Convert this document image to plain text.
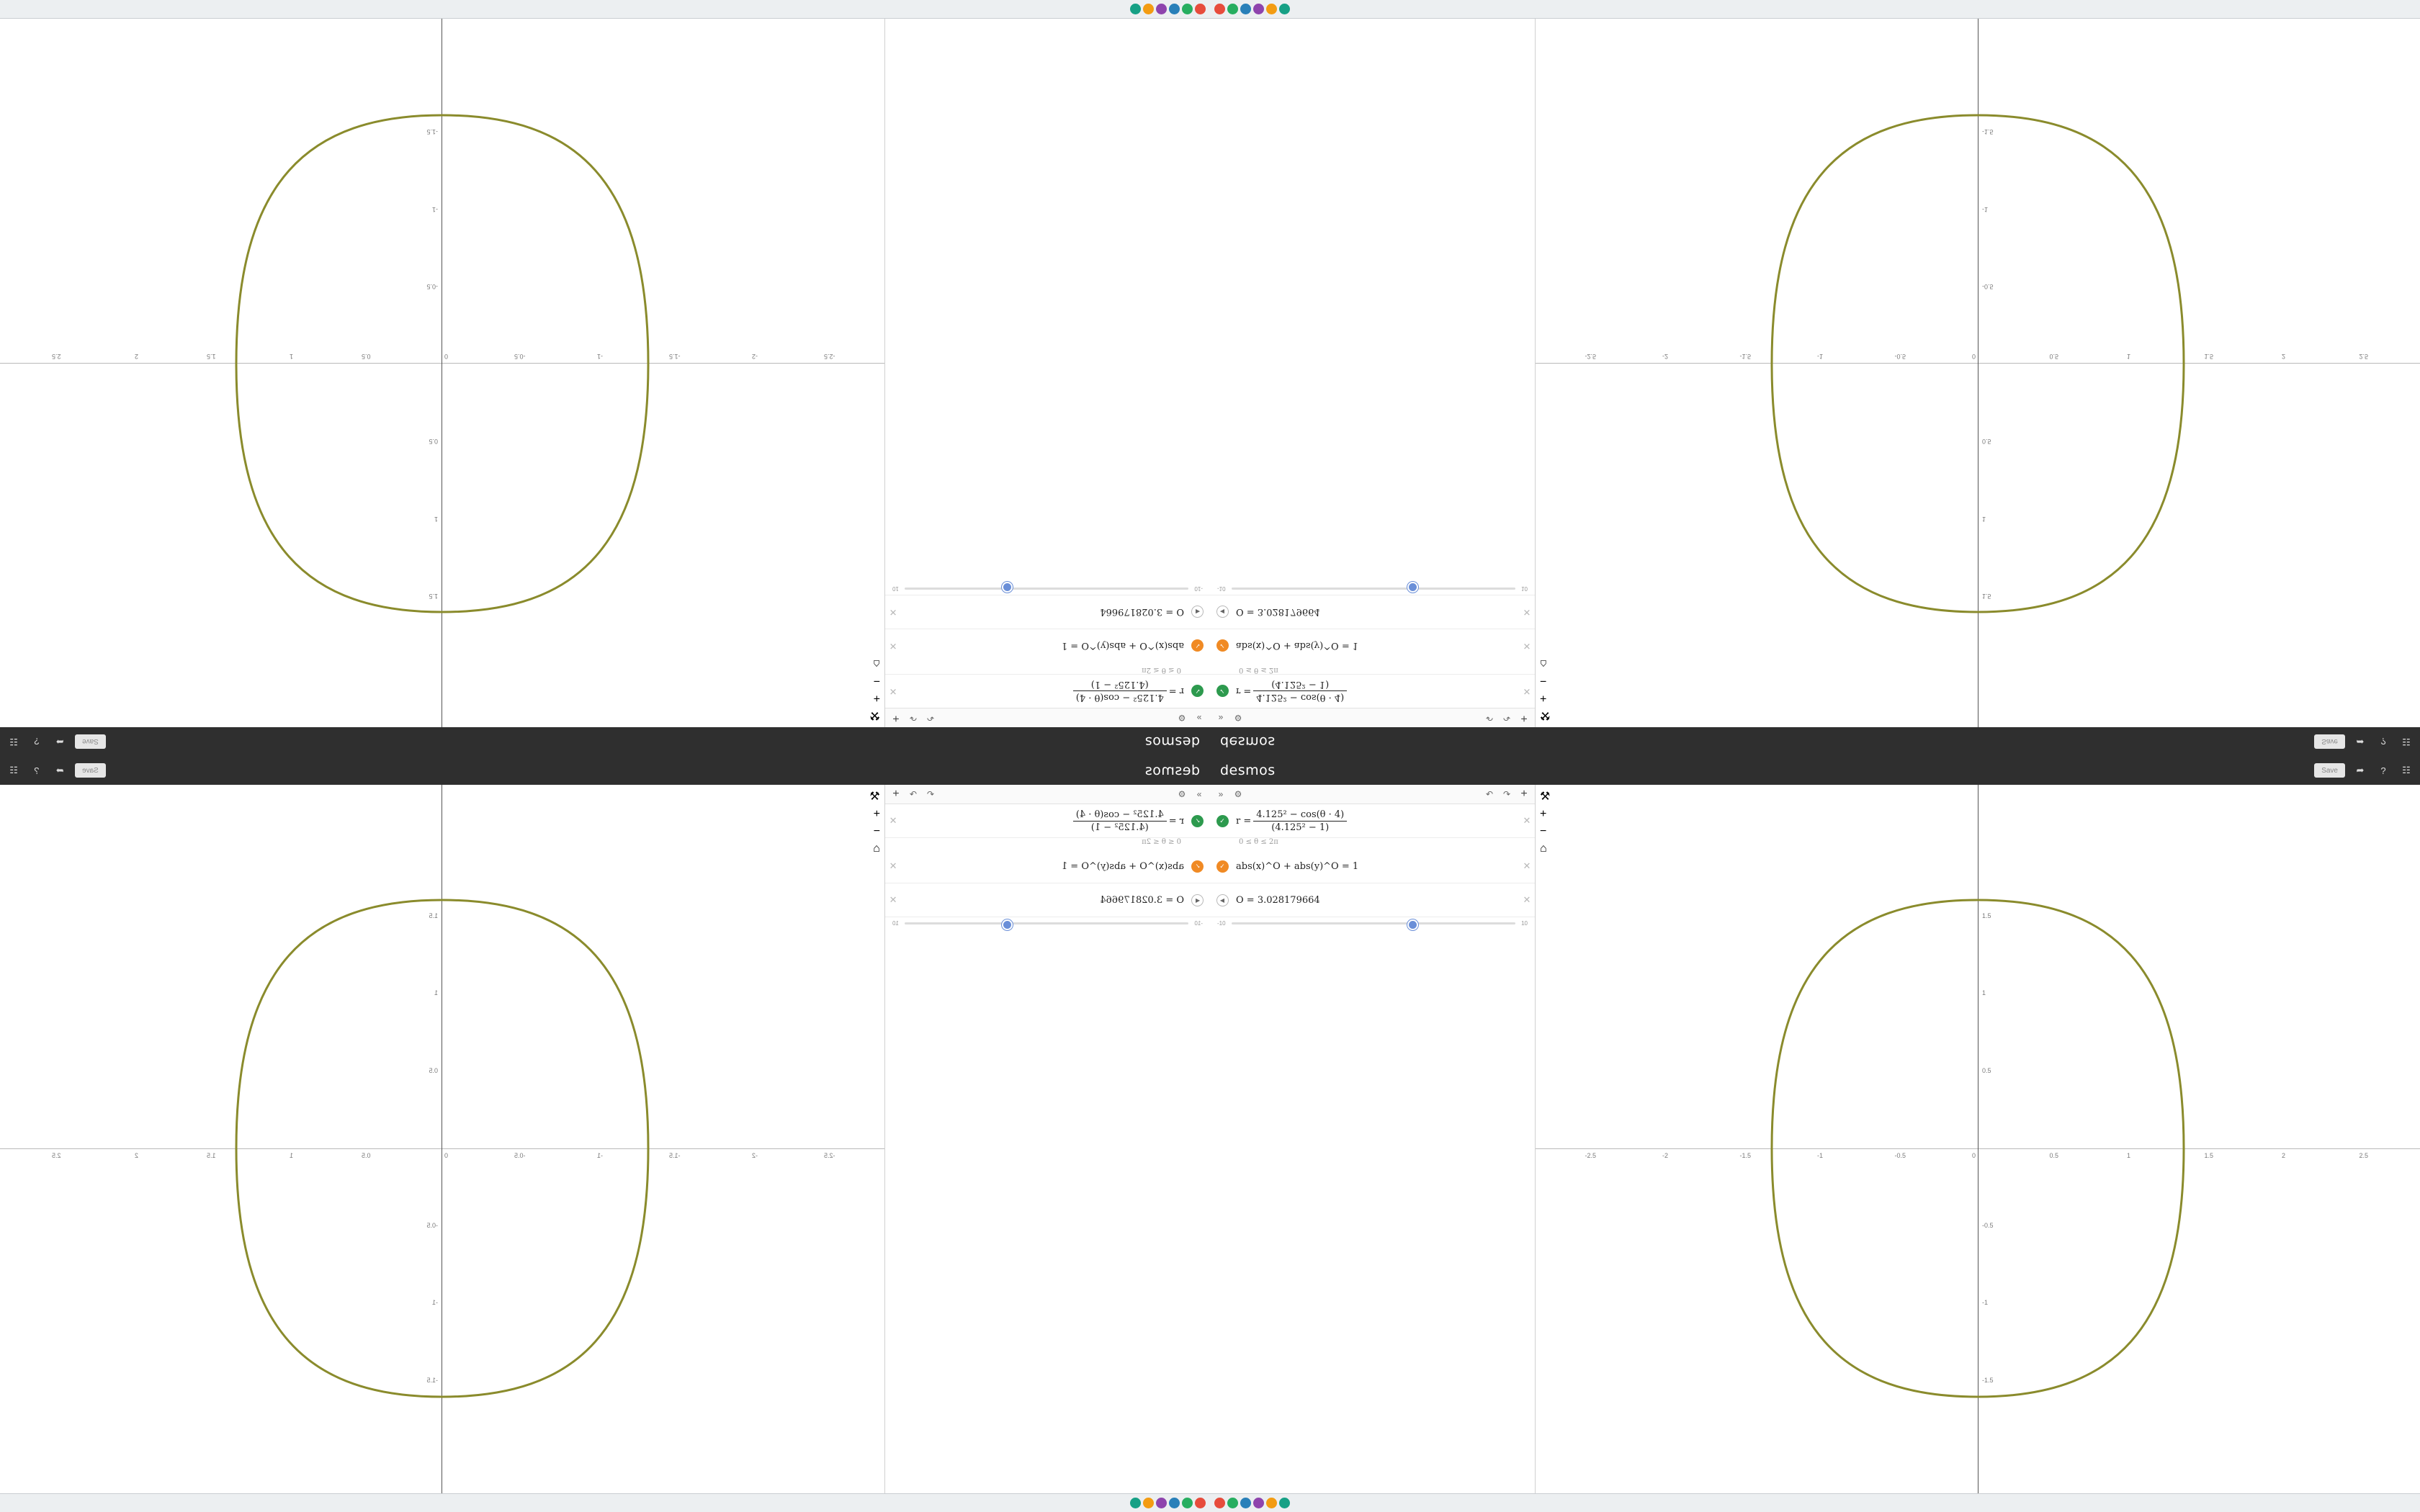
desmos
Save
➦
?
☷
»
⚙
↶
↷
+
✓
r =
4.125² − cos(θ · 4)
(4.125² − 1)
✕
0 ≤ θ ≤ 2π
✓
abs(x)^O + abs(y)^O = 1
✕
◀
O = 3.028179664
✕
-10
10
⚒
+
−
⌂
-2.5
-2
-1.5
-1
-0.5
0
0.5
1
1.5
2
2.5
1.5
1
0.5
-0.5
-1
-1.5
desmos	Save	➦	?	☷
»	⚙	↶	↷ +
✓	r =
4.125² − cos(θ · 4)
(4.125² − 1)
✕
0 ≤ θ ≤ 2π
✓	abs(x)^O + abs(y)^O = 1	✕
◀	O = 3.028179664	✕
-10	10
⚒
+
−
⌂
-2.5	-2	-1.5	-1	-0.5	0	0.5	1	1.5	2	2.5
1.5
1
0.5
-0.5
-1
-1.5
desmos
Save
➦
?
☷
»
⚙
↶
↷
+
✓
r =
$\frac{\text{4.125² − cos(θ · 4)}}{\text{(4.125² − 1)}}$
✕
0 ≤ θ ≤ 2π
✓
abs(x)^O + abs(y)^O = 1
✕
◀
O = 3.028179664
✕
-10
10
⚒
+
−
⌂
-2.5
-2
-1.5
-1
-0.5
0
0.5
1
1.5
2
2.5
1.5
1
0.5
-0.5
-1
-1.5
desmos	Save	➦	?	☷
»	⚙	↶	↷ +
✓	$r = \frac{\text{4.125² − cos(θ · 4)}}{\text{(4.125² − 1)}}$	✕
0 ≤ θ ≤ 2π
✓	abs(x)^O + abs(y)^O = 1	✕
◀	O = 3.028179664	✕
-10	10
⚒
+
−
⌂
-2.5	-2	-1.5	-1	-0.5	0	0.5	1	1.5	2	2.5
1.5
1
0.5
-0.5
-1
-1.5
